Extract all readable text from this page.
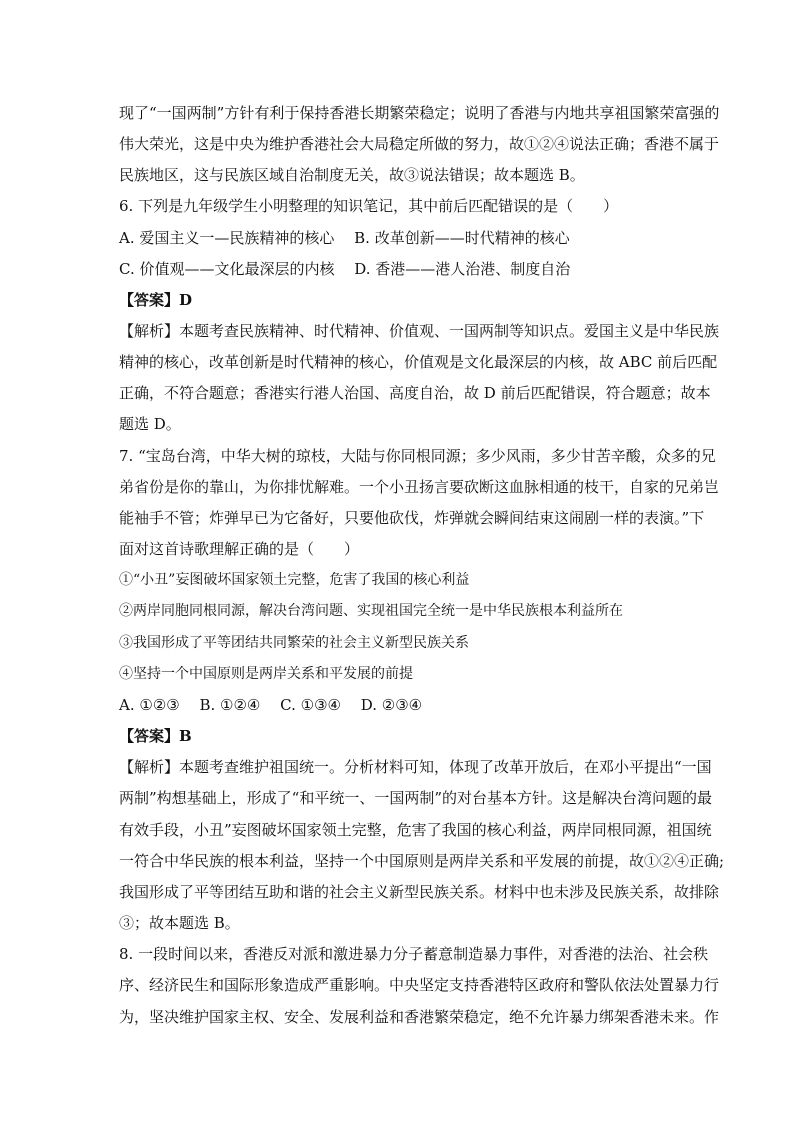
现了“一国两制”方针有利于保持香港长期繁荣稳定；说明了香港与内地共享祖国繁荣富强的
伟大荣光，这是中央为维护香港社会大局稳定所做的努力，故①②④说法正确；香港不属于
民族地区，这与民族区域自治制度无关，故③说法错误；故本题选 B。
6. 下列是九年级学生小明整理的知识笔记，其中前后匹配错误的是（　　）
A. 爱国主义一—民族精神的核心　 B. 改革创新——时代精神的核心
C. 价值观——文化最深层的内核　 D. 香港——港人治港、制度自治
【答案】D
【解析】本题考查民族精神、时代精神、价值观、一国两制等知识点。爱国主义是中华民族
精神的核心，改革创新是时代精神的核心，价值观是文化最深层的内核，故 ABC 前后匹配
正确，不符合题意；香港实行港人治国、高度自治，故 D 前后匹配错误，符合题意；故本
题选 D。
7. “宝岛台湾，中华大树的琼枝，大陆与你同根同源；多少风雨，多少甘苦辛酸，众多的兄
弟省份是你的靠山，为你排忧解难。一个小丑扬言要砍断这血脉相通的枝干，自家的兄弟岂
能袖手不管；炸弹早已为它备好，只要他砍伐，炸弹就会瞬间结束这闹剧一样的表演。”下
面对这首诗歌理解正确的是（　　）
①“小丑”妄图破坏国家领土完整，危害了我国的核心利益
②两岸同胞同根同源，解决台湾问题、实现祖国完全统一是中华民族根本利益所在
③我国形成了平等团结共同繁荣的社会主义新型民族关系
④坚持一个中国原则是两岸关系和平发展的前提
A. ①②③　 B. ①②④　 C. ①③④　 D. ②③④
【答案】B
【解析】本题考查维护祖国统一。分析材料可知，体现了改革开放后，在邓小平提出“一国
两制”构想基础上，形成了“和平统一、一国两制”的对台基本方针。这是解决台湾问题的最
有效手段，小丑”妄图破坏国家领土完整，危害了我国的核心利益，两岸同根同源，祖国统
一符合中华民族的根本利益，坚持一个中国原则是两岸关系和平发展的前提，故①②④正确;
我国形成了平等团结互助和谐的社会主义新型民族关系。材料中也未涉及民族关系，故排除
③；故本题选 B。
8. 一段时间以来，香港反对派和激进暴力分子蓄意制造暴力事件，对香港的法治、社会秩
序、经济民生和国际形象造成严重影响。中央坚定支持香港特区政府和警队依法处置暴力行
为，坚决维护国家主权、安全、发展利益和香港繁荣稳定，绝不允许暴力绑架香港未来。作
